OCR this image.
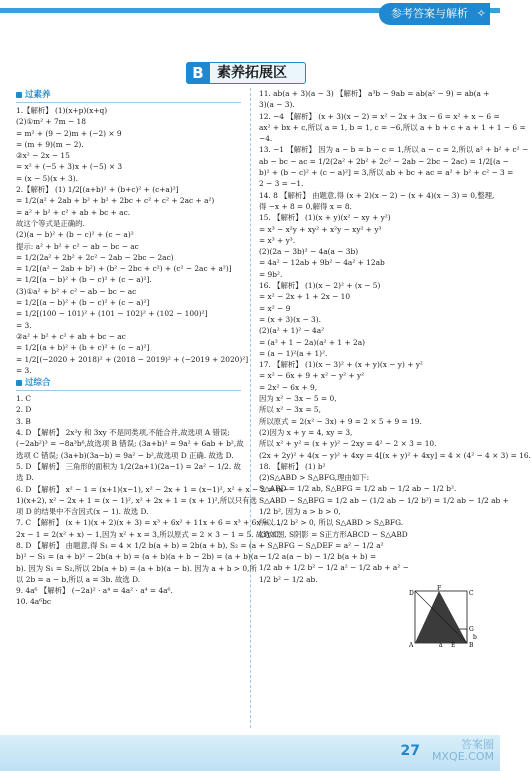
参考答案与解析 ✧
B 素养拓展区
过素养
1.【解析】 (1)(x+p)(x+q)
(2)①m² + 7m − 18
= m² + (9 − 2)m + (−2) × 9
= (m + 9)(m − 2).
②x² − 2x − 15
= x² + (−5 + 3)x + (−5) × 3
= (x − 5)(x + 3).
2.【解析】 (1) 1/2[(a+b)² + (b+c)² + (c+a)²]
= 1/2(a² + 2ab + b² + b² + 2bc + c² + c² + 2ac + a²)
= a² + b² + c² + ab + bc + ac.
故这个等式是正确的.
(2)(a − b)² + (b − c)² + (c − a)²
提示: a² + b² + c² − ab − bc − ac
= 1/2(2a² + 2b² + 2c² − 2ab − 2bc − 2ac)
= 1/2[(a² − 2ab + b²) + (b² − 2bc + c²) + (c² − 2ac + a²)]
= 1/2[(a − b)² + (b − c)² + (c − a)²].
(3)①a² + b² + c² − ab − bc − ac
= 1/2[(a − b)² + (b − c)² + (c − a)²]
= 1/2[(100 − 101)² + (101 − 102)² + (102 − 100)²]
= 3.
②a² + b² + c² + ab + bc − ac
= 1/2[(a + b)² + (b + c)² + (c − a)²]
= 1/2[(−2020 + 2018)² + (2018 − 2019)² + (−2019 + 2020)²]
= 3.
过综合
1. C
2. D
3. B
4. D 【解析】 2x²y 和 3xy 不是同类项,不能合并,故选项 A 错误;
(−2ab²)³ = −8a³b⁶,故选项 B 错误; (3a+b)² = 9a² + 6ab + b²,故
选项 C 错误; (3a+b)(3a−b) = 9a² − b²,故选项 D 正确. 故选 D.
5. D 【解析】 三角形的面积为 1/2(2a+1)(2a−1) = 2a² − 1/2. 故
选 D.
6. D 【解析】 x² − 1 = (x+1)(x−1), x² − 2x + 1 = (x−1)², x² + x − 2 = (x−
1)(x+2), x² − 2x + 1 = (x − 1)², x² + 2x + 1 = (x + 1)²,所以只有选
项 D 的结果中不含因式(x − 1). 故选 D.
7. C 【解析】 (x + 1)(x + 2)(x + 3) = x³ + 6x² + 11x + 6 = x³ + 6x + ...,
2x − 1 = 2(x² + x) − 1,因为 x² + x = 3,所以原式 = 2 × 3 − 1 = 5. 故选 C.
8. D 【解析】 由题意,得 S₁ = 4 × 1/2 b(a + b) = 2b(a + b), S₂ = (a +
b)² − S₁ = (a + b)² − 2b(a + b) = (a + b)(a + b − 2b) = (a + b)(a −
b). 因为 S₁ = S₂,所以 2b(a + b) = (a + b)(a − b). 因为 a + b > 0,所
以 2b = a − b,所以 a = 3b. 故选 D.
9. 4a⁶ 【解析】 (−2a)² · a⁴ = 4a² · a⁴ = 4a⁶.
10. 4a⁶bc
11. ab(a + 3)(a − 3) 【解析】 a³b − 9ab = ab(a² − 9) = ab(a +
3)(a − 3).
12. −4 【解析】 (x + 3)(x − 2) = x² − 2x + 3x − 6 = x² + x − 6 =
ax² + bx + c,所以 a = 1, b = 1, c = −6,所以 a + b + c + a + 1 + 1 − 6 =
−4.
13. −1 【解析】 因为 a − b = b − c = 1,所以 a − c = 2,所以 a² + b² + c² −
ab − bc − ac = 1/2(2a² + 2b² + 2c² − 2ab − 2bc − 2ac) = 1/2[(a −
b)² + (b − c)² + (c − a)²] = 3,所以 ab + bc + ac = a² + b² + c² − 3 =
2 − 3 = −1.
14. 8 【解析】 由题意,得 (x + 2)(x − 2) − (x + 4)(x − 3) = 0,整理,
得 −x + 8 = 0,解得 x = 8.
15. 【解析】 (1)(x + y)(x² − xy + y²)
= x³ − x²y + xy² + x²y − xy² + y³
= x³ + y³.
(2)(2a − 3b)² − 4a(a − 3b)
= 4a² − 12ab + 9b² − 4a² + 12ab
= 9b².
16. 【解析】 (1)(x − 2)² + (x − 5)
= x² − 2x + 1 + 2x − 10
= x² − 9
= (x + 3)(x − 3).
(2)(a² + 1)² − 4a²
= (a² + 1 − 2a)(a² + 1 + 2a)
= (a − 1)²(a + 1)².
17. 【解析】 (1)(x − 3)² + (x + y)(x − y) + y²
= x² − 6x + 9 + x² − y² + y²
= 2x² − 6x + 9,
因为 x² − 3x − 5 = 0,
所以 x² − 3x = 5,
所以原式 = 2(x² − 3x) + 9 = 2 × 5 + 9 = 19.
(2)因为 x + y = 4, xy = 3,
所以 x² + y² = (x + y)² − 2xy = 4² − 2 × 3 = 10.
(2x + 2y)² + 4(x − y)² + 4xy = 4[(x + y)² + 4xy] = 4 × (4² − 4 × 3) = 16.
18. 【解析】 (1) b²
(2)S△ABD > S△BFG,理由如下:
S△ABD = 1/2 ab, S△BFG = 1/2 ab − 1/2 ab − 1/2 b².
S△ABD − S△BFG = 1/2 ab − (1/2 ab − 1/2 b²) = 1/2 ab − 1/2 ab +
1/2 b², 因为 a > b > 0,
所以 1/2 b² > 0, 所以 S△ABD > S△BFG.
(3)如图, S阴影 = S正方形ABCD − S△ABD
− S△BFG − S△DEF = a² − 1/2 a²
− 1/2 a(a − b) − 1/2 b(a + b) =
1/2 ab + 1/2 b² − 1/2 a² − 1/2 ab + a² −
1/2 b² − 1/2 ab.
D
F
G
C
A	E B
b
a
27	答案圈
MXQE.COM
